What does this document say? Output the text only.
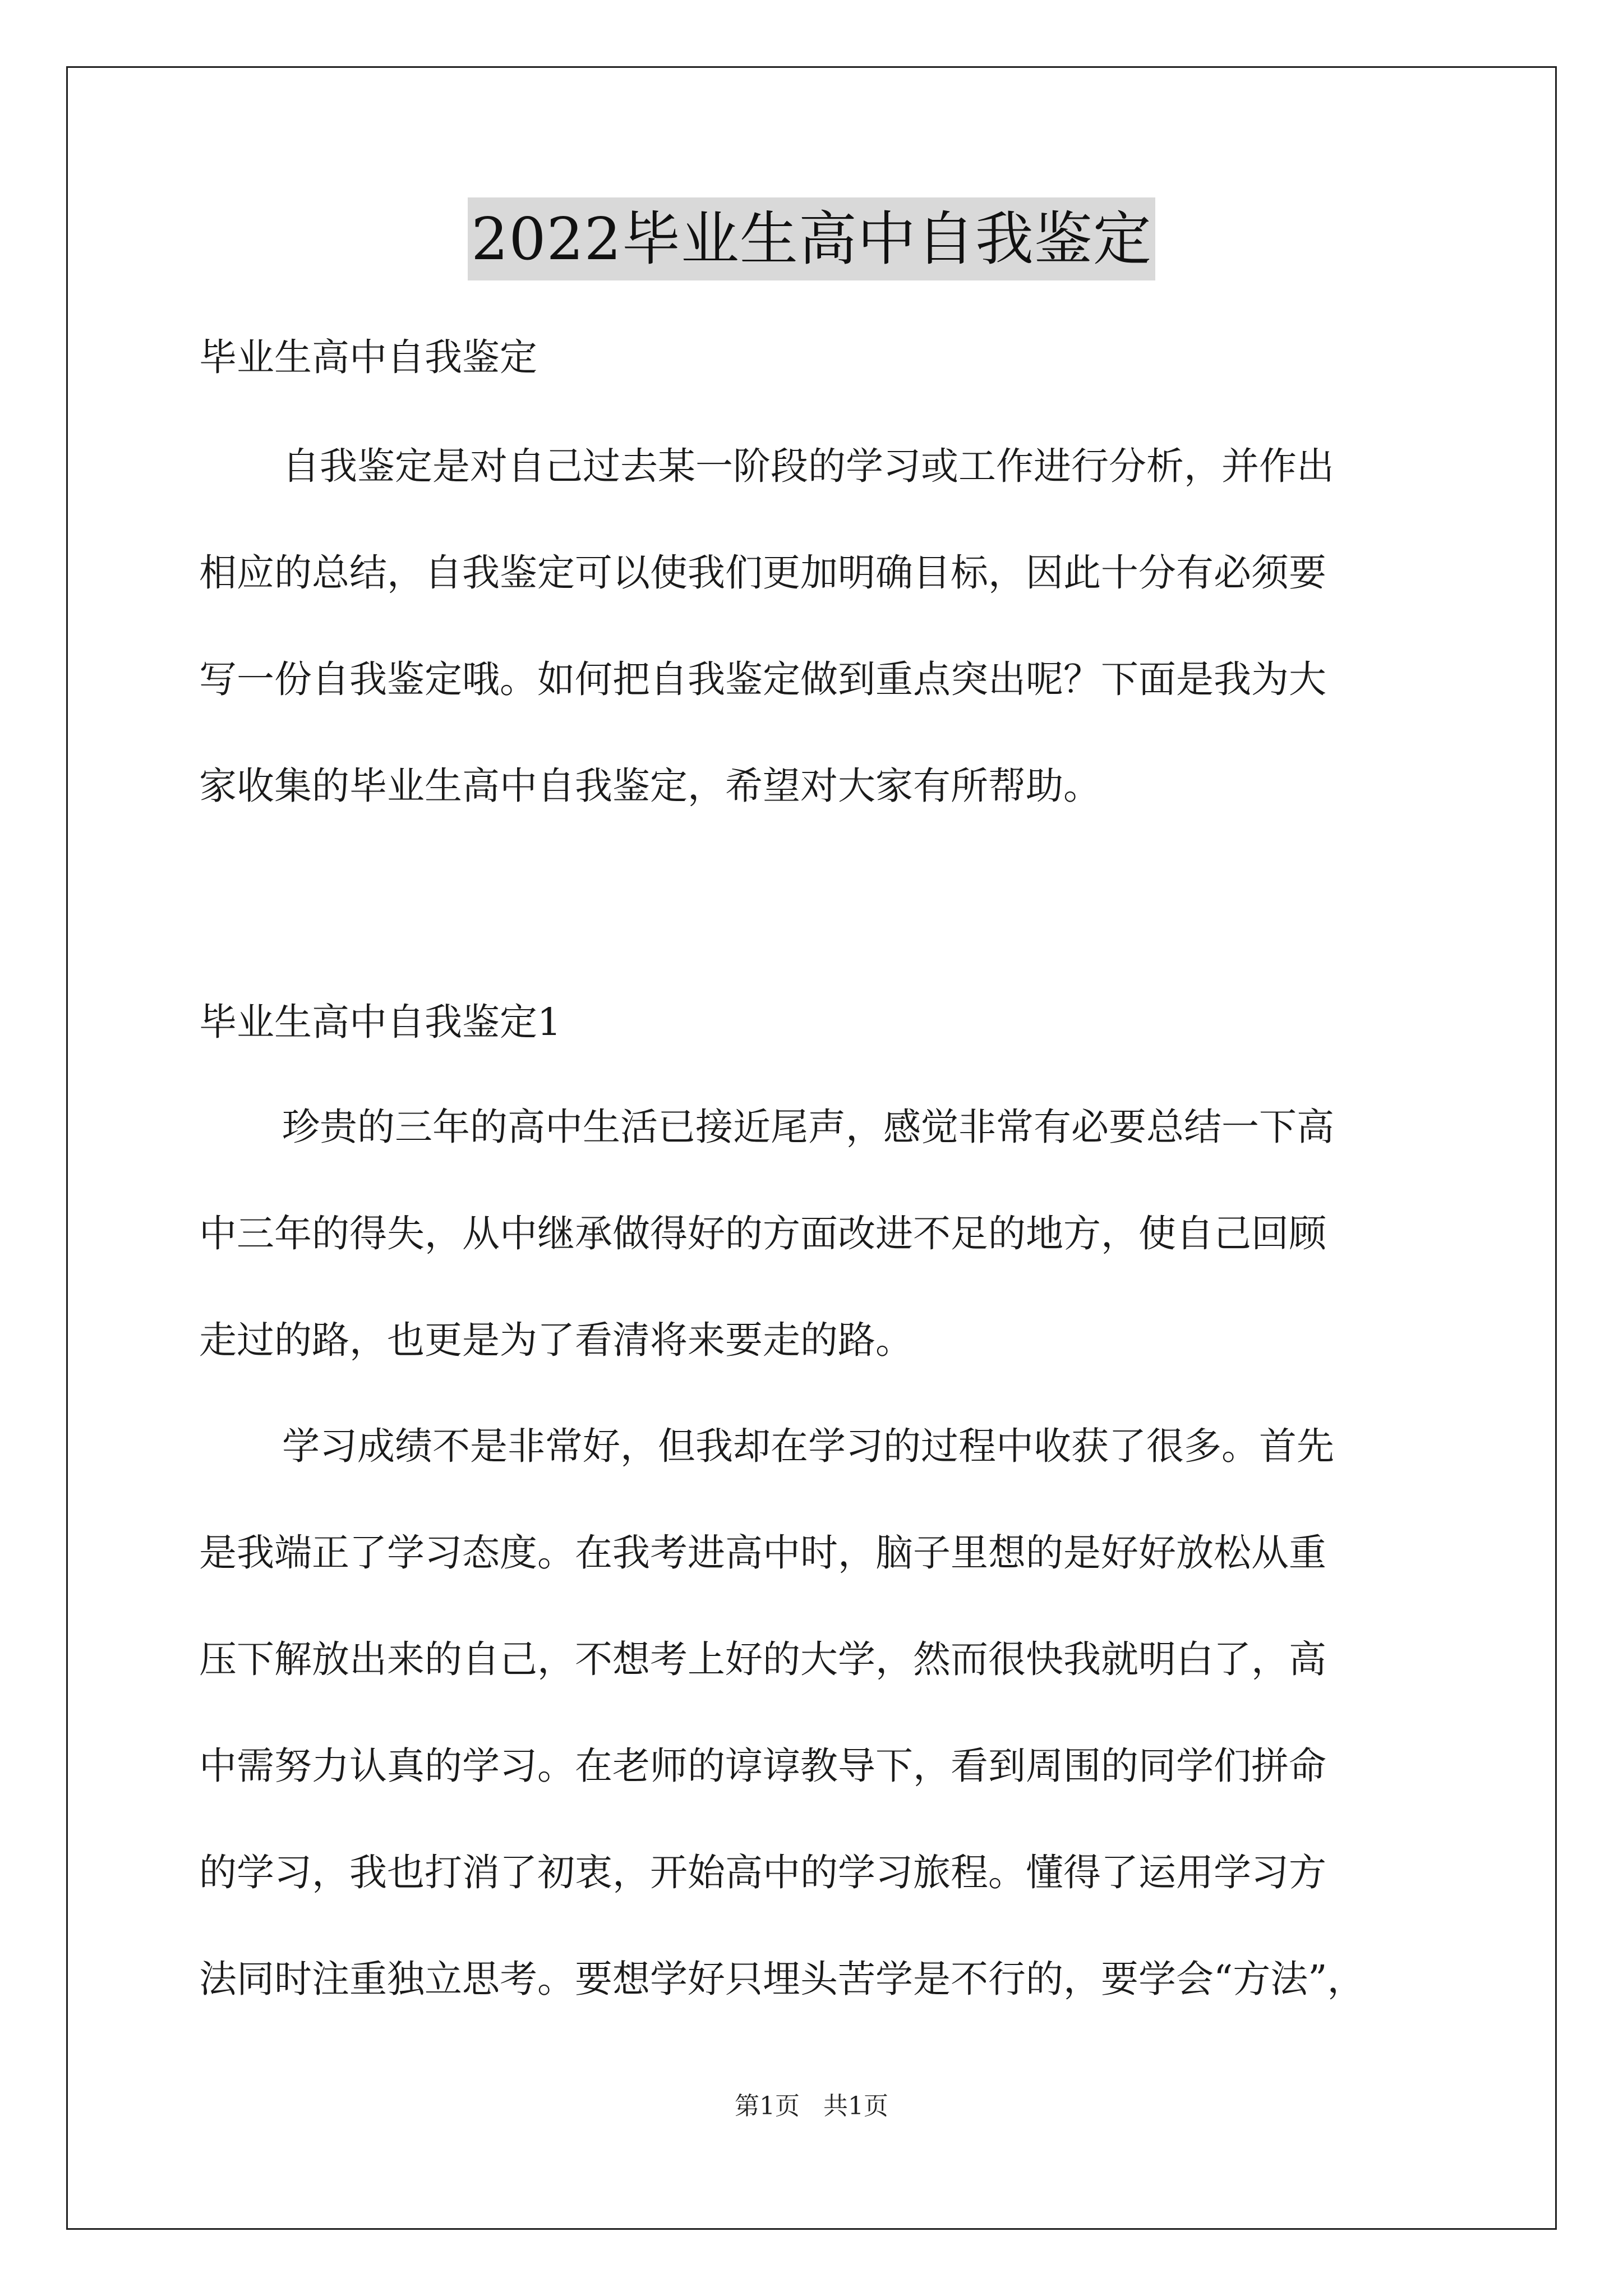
2022毕业生高中自我鉴定
毕业生高中自我鉴定
自我鉴定是对自己过去某一阶段的学习或工作进行分析，并作出
相应的总结，自我鉴定可以使我们更加明确目标，因此十分有必须要
写一份自我鉴定哦。如何把自我鉴定做到重点突出呢？下面是我为大
家收集的毕业生高中自我鉴定，希望对大家有所帮助。
毕业生高中自我鉴定1
珍贵的三年的高中生活已接近尾声，感觉非常有必要总结一下高
中三年的得失，从中继承做得好的方面改进不足的地方，使自己回顾
走过的路，也更是为了看清将来要走的路。
学习成绩不是非常好，但我却在学习的过程中收获了很多。首先
是我端正了学习态度。在我考进高中时，脑子里想的是好好放松从重
压下解放出来的自己，不想考上好的大学，然而很快我就明白了，高
中需努力认真的学习。在老师的谆谆教导下，看到周围的同学们拼命
的学习，我也打消了初衷，开始高中的学习旅程。懂得了运用学习方
法同时注重独立思考。要想学好只埋头苦学是不行的，要学会“方法”，
第1页   共1页
